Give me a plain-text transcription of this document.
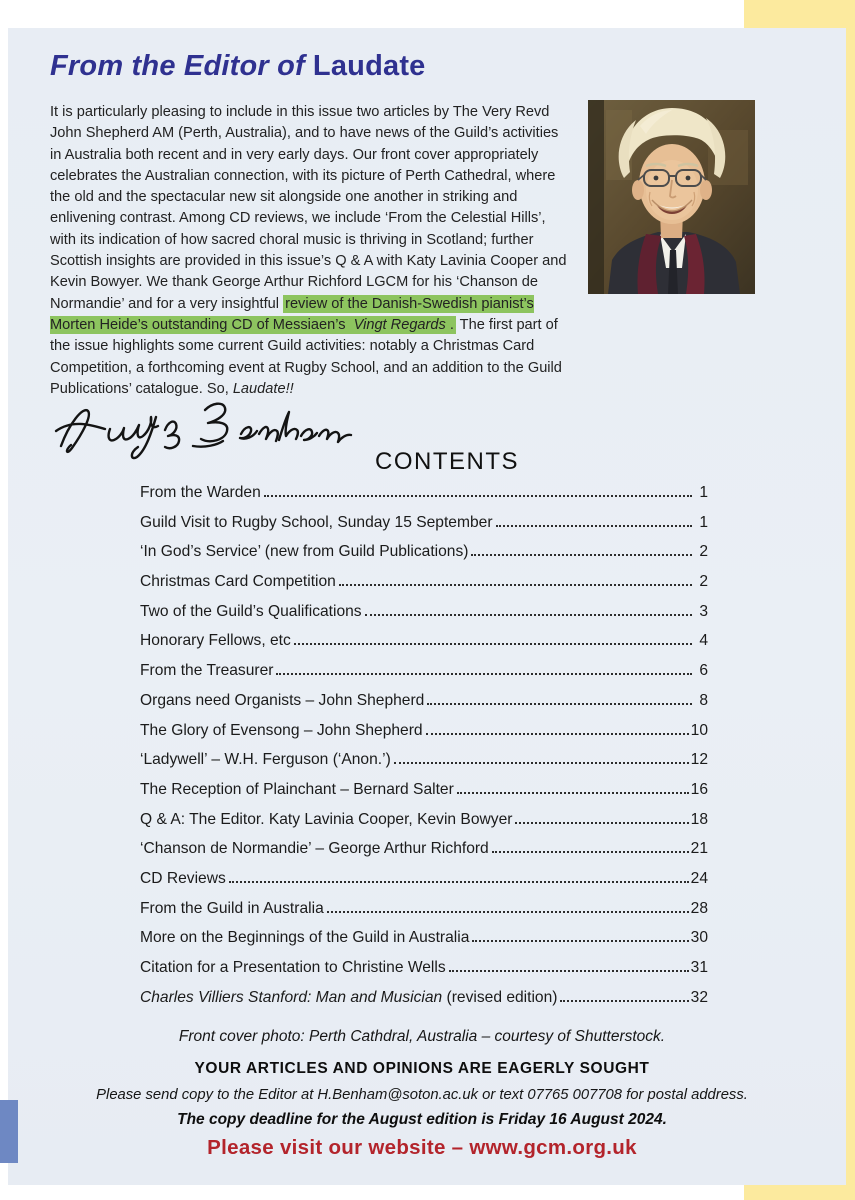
From the Editor of Laudate
It is particularly pleasing to include in this issue two articles by The Very Revd John Shepherd AM (Perth, Australia), and to have news of the Guild’s activities in Australia both recent and in very early days. Our front cover appropriately celebrates the Australian connection, with its picture of Perth Cathedral, where the old and the spectacular new sit alongside one another in striking and enlivening contrast. Among CD reviews, we include ‘From the Celestial Hills’, with its indication of how sacred choral music is thriving in Scotland; further Scottish insights are provided in this issue’s Q & A with Katy Lavinia Cooper and Kevin Bowyer. We thank George Arthur Richford LGCM for his ‘Chanson de Normandie’ and for a very insightful review of the Danish-Swedish pianist’s Morten Heide’s outstanding CD of Messiaen’s Vingt Regards . The first part of the issue highlights some current Guild activities: notably a Christmas Card Competition, a forthcoming event at Rugby School, and an addition to the Guild Publications’ catalogue. So, Laudate!!
CONTENTS
From the Warden	1
Guild Visit to Rugby School, Sunday 15 September	1
‘In God’s Service’ (new from Guild Publications)	2
Christmas Card Competition	2
Two of the Guild’s Qualifications	3
Honorary Fellows, etc	4
From the Treasurer	6
Organs need Organists – John Shepherd	8
The Glory of Evensong – John Shepherd	10
‘Ladywell’ – W.H. Ferguson (‘Anon.’)	12
The Reception of Plainchant – Bernard Salter	16
Q & A: The Editor. Katy Lavinia Cooper, Kevin Bowyer	18
‘Chanson de Normandie’ – George Arthur Richford	21
CD Reviews	24
From the Guild in Australia	28
More on the Beginnings of the Guild in Australia	30
Citation for a Presentation to Christine Wells	31
Charles Villiers Stanford: Man and Musician (revised edition)	32
Front cover photo: Perth Cathdral, Australia – courtesy of Shutterstock.
YOUR ARTICLES AND OPINIONS ARE EAGERLY SOUGHT
Please send copy to the Editor at H.Benham@soton.ac.uk or text 07765 007708 for postal address.
The copy deadline for the August edition is Friday 16 August 2024.
Please visit our website – www.gcm.org.uk
